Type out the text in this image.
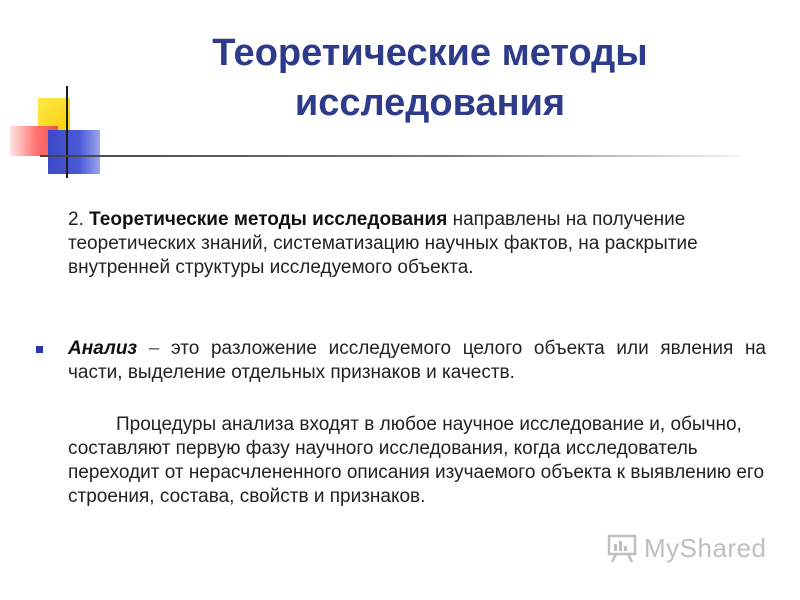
Теоретические методы
исследования
2. Теоретические методы исследования направлены на получение теоретических знаний, систематизацию научных фактов, на раскрытие внутренней структуры исследуемого объекта.
Анализ – это разложение исследуемого целого объекта или явления на части, выделение отдельных признаков и качеств.
Процедуры анализа входят в любое научное исследование и, обычно, составляют первую фазу научного исследования, когда исследователь переходит от нерасчлененного описания изучаемого объекта к выявлению его строения, состава, свойств и признаков.
MyShared
